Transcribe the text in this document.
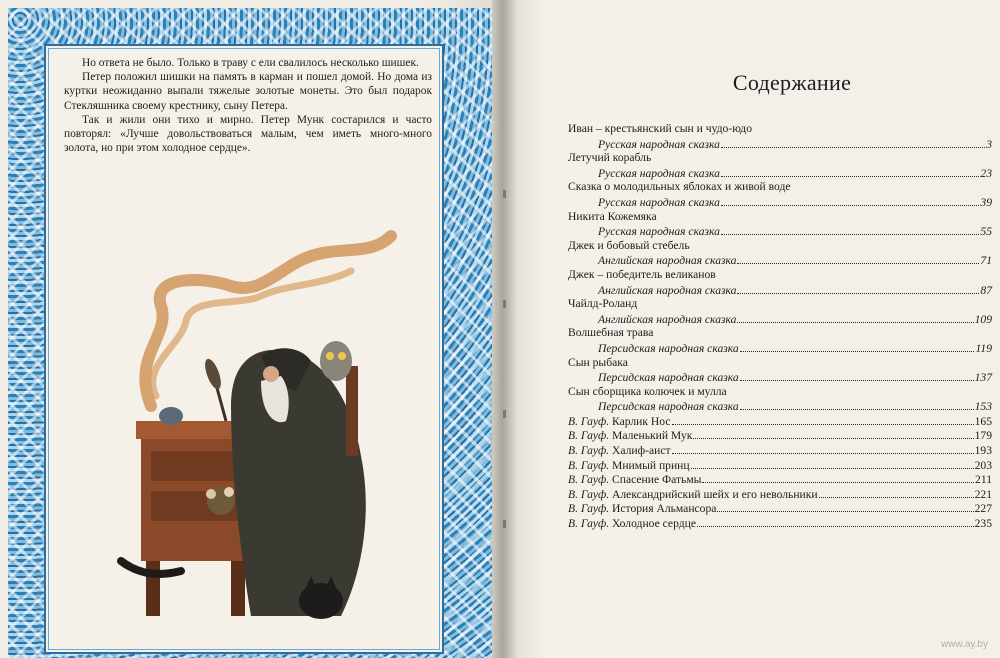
Но ответа не было. Только в траву с ели свалилось несколько шишек.

Петер положил шишки на память в карман и пошел домой. Но дома из куртки неожиданно выпали тяжелые золотые монеты. Это был подарок Стекляшника своему крестнику, сыну Петера.

Так и жили они тихо и мирно. Петер Мунк состарился и часто повторял: «Лучше довольствоваться малым, чем иметь много-много золота, но при этом холодное сердце».

Содержание
Иван – крестьянский сын и чудо-юдо
Русская народная сказка	3
Летучий корабль
Русская народная сказка	23
Сказка о молодильных яблоках и живой воде
Русская народная сказка	39
Никита Кожемяка
Русская народная сказка	55
Джек и бобовый стебель
Английская народная сказка	71
Джек – победитель великанов
Английская народная сказка	87
Чайлд-Роланд
Английская народная сказка	109
Волшебная трава
Персидская народная сказка	119
Сын рыбака
Персидская народная сказка	137
Сын сборщика колючек и мулла
Персидская народная сказка	153
В. Гауф. Карлик Нос	165
В. Гауф. Маленький Мук	179
В. Гауф. Халиф-аист	193
В. Гауф. Мнимый принц	203
В. Гауф. Спасение Фатьмы	211
В. Гауф. Александрийский шейх и его невольники	221
В. Гауф. История Альмансора	227
В. Гауф. Холодное сердце	235
www.ay.by
